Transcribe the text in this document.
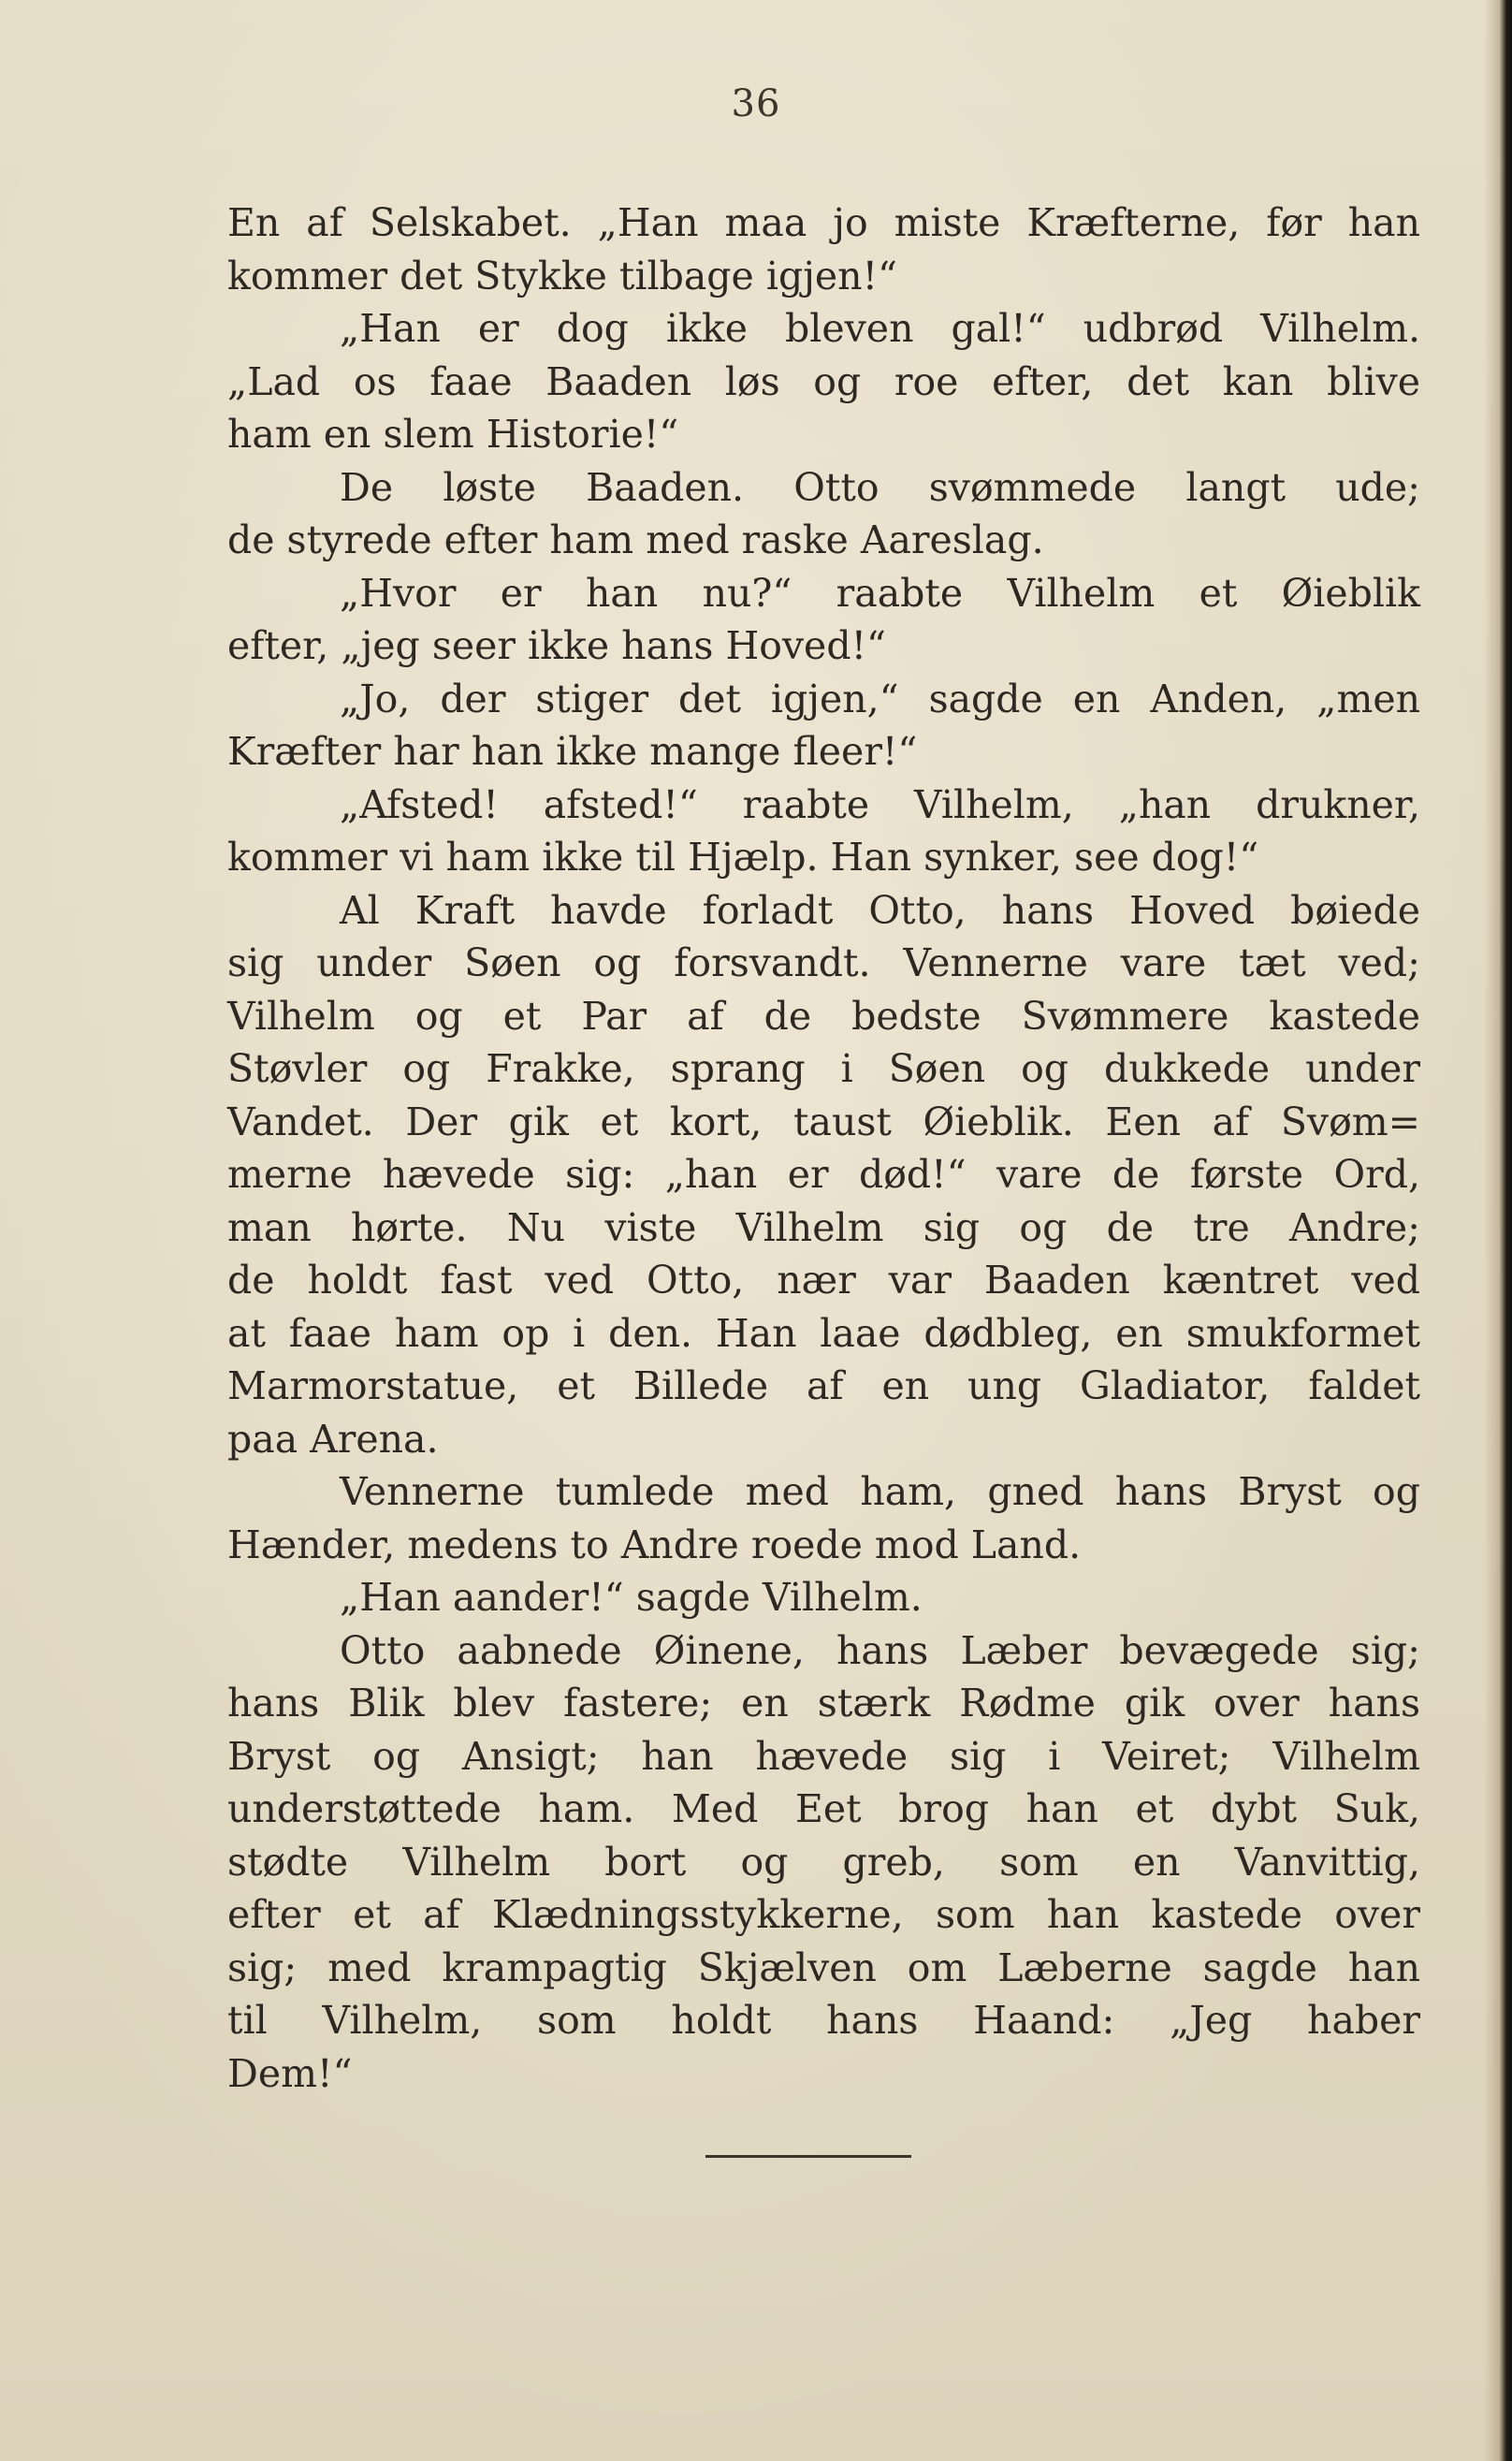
36
En af Selskabet. „Han maa jo miste Kræfterne, før han
kommer det Stykke tilbage igjen!“
„Han er dog ikke bleven gal!“ udbrød Vilhelm.
„Lad os faae Baaden løs og roe efter, det kan blive
ham en slem Historie!“
De løste Baaden. Otto svømmede langt ude;
de styrede efter ham med raske Aareslag.
„Hvor er han nu?“ raabte Vilhelm et Øieblik
efter, „jeg seer ikke hans Hoved!“
„Jo, der stiger det igjen,“ sagde en Anden, „men
Kræfter har han ikke mange fleer!“
„Afsted! afsted!“ raabte Vilhelm, „han drukner,
kommer vi ham ikke til Hjælp. Han synker, see dog!“
Al Kraft havde forladt Otto, hans Hoved bøiede
sig under Søen og forsvandt. Vennerne vare tæt ved;
Vilhelm og et Par af de bedste Svømmere kastede
Støvler og Frakke, sprang i Søen og dukkede under
Vandet. Der gik et kort, taust Øieblik. Een af Svøm=
merne hævede sig: „han er død!“ vare de første Ord,
man hørte. Nu viste Vilhelm sig og de tre Andre;
de holdt fast ved Otto, nær var Baaden kæntret ved
at faae ham op i den. Han laae dødbleg, en smukformet
Marmorstatue, et Billede af en ung Gladiator, faldet
paa Arena.
Vennerne tumlede med ham, gned hans Bryst og
Hænder, medens to Andre roede mod Land.
„Han aander!“ sagde Vilhelm.
Otto aabnede Øinene, hans Læber bevægede sig;
hans Blik blev fastere; en stærk Rødme gik over hans
Bryst og Ansigt; han hævede sig i Veiret; Vilhelm
understøttede ham. Med Eet brog han et dybt Suk,
stødte Vilhelm bort og greb, som en Vanvittig,
efter et af Klædningsstykkerne, som han kastede over
sig; med krampagtig Skjælven om Læberne sagde han
til Vilhelm, som holdt hans Haand: „Jeg haber
Dem!“
